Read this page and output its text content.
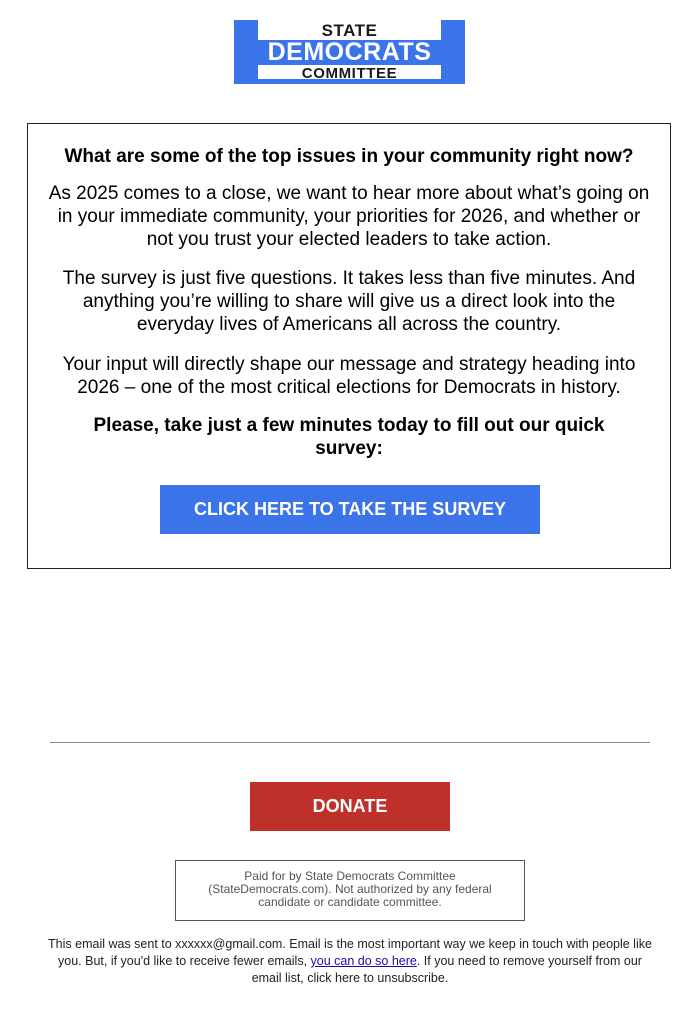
STATE
DEMOCRATS
COMMITTEE
What are some of the top issues in your community right now?
As 2025 comes to a close, we want to hear more about what’s going on in your immediate community, your priorities for 2026, and whether or not you trust your elected leaders to take action.
The survey is just five questions. It takes less than five minutes. And anything you’re willing to share will give us a direct look into the everyday lives of Americans all across the country.
Your input will directly shape our message and strategy heading into 2026 – one of the most critical elections for Democrats in history.
Please, take just a few minutes today to fill out our quick survey:
CLICK HERE TO TAKE THE SURVEY
DONATE
Paid for by State Democrats Committee (StateDemocrats.com). Not authorized by any federal candidate or candidate committee.
This email was sent to xxxxxx@gmail.com. Email is the most important way we keep in touch with people like you. But, if you'd like to receive fewer emails, you can do so here. If you need to remove yourself from our email list, click here to unsubscribe.
